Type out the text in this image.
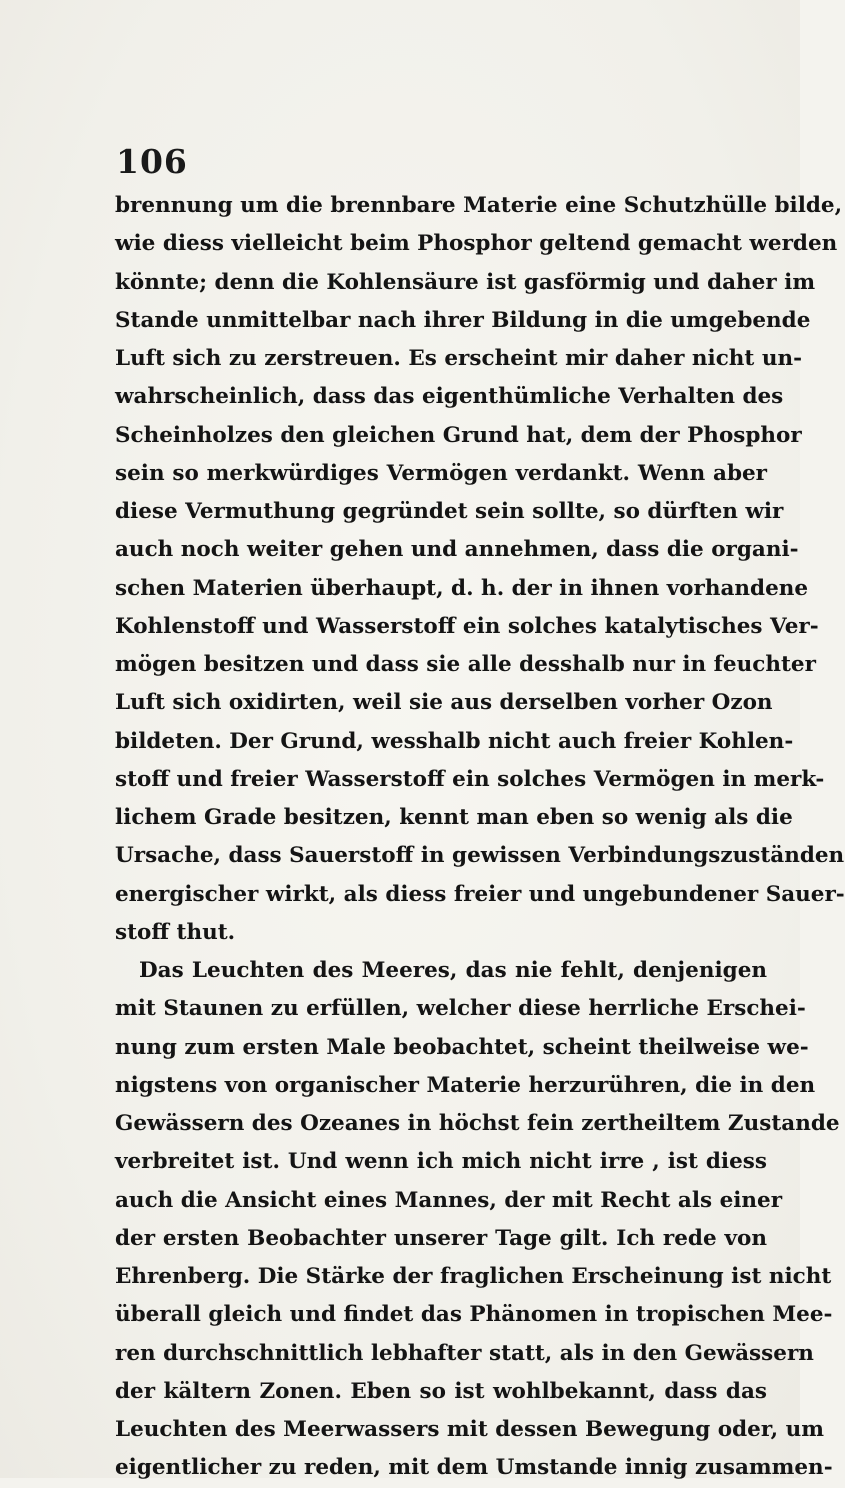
106
brennung um die brennbare Materie eine Schutzhülle bilde,
wie diess vielleicht beim Phosphor geltend gemacht werden
könnte; denn die Kohlensäure ist gasförmig und daher im
Stande unmittelbar nach ihrer Bildung in die umgebende
Luft sich zu zerstreuen. Es erscheint mir daher nicht un-
wahrscheinlich, dass das eigenthümliche Verhalten des
Scheinholzes den gleichen Grund hat, dem der Phosphor
sein so merkwürdiges Vermögen verdankt. Wenn aber
diese Vermuthung gegründet sein sollte, so dürften wir
auch noch weiter gehen und annehmen, dass die organi-
schen Materien überhaupt, d. h. der in ihnen vorhandene
Kohlenstoff und Wasserstoff ein solches katalytisches Ver-
mögen besitzen und dass sie alle desshalb nur in feuchter
Luft sich oxidirten, weil sie aus derselben vorher Ozon
bildeten. Der Grund, wesshalb nicht auch freier Kohlen-
stoff und freier Wasserstoff ein solches Vermögen in merk-
lichem Grade besitzen, kennt man eben so wenig als die
Ursache, dass Sauerstoff in gewissen Verbindungszuständen
energischer wirkt, als diess freier und ungebundener Sauer-
stoff thut.
Das Leuchten des Meeres, das nie fehlt, denjenigen
mit Staunen zu erfüllen, welcher diese herrliche Erschei-
nung zum ersten Male beobachtet, scheint theilweise we-
nigstens von organischer Materie herzurühren, die in den
Gewässern des Ozeanes in höchst fein zertheiltem Zustande
verbreitet ist. Und wenn ich mich nicht irre , ist diess
auch die Ansicht eines Mannes, der mit Recht als einer
der ersten Beobachter unserer Tage gilt. Ich rede von
Ehrenberg. Die Stärke der fraglichen Erscheinung ist nicht
überall gleich und findet das Phänomen in tropischen Mee-
ren durchschnittlich lebhafter statt, als in den Gewässern
der kältern Zonen. Eben so ist wohlbekannt, dass das
Leuchten des Meerwassers mit dessen Bewegung oder, um
eigentlicher zu reden, mit dem Umstande innig zusammen-
